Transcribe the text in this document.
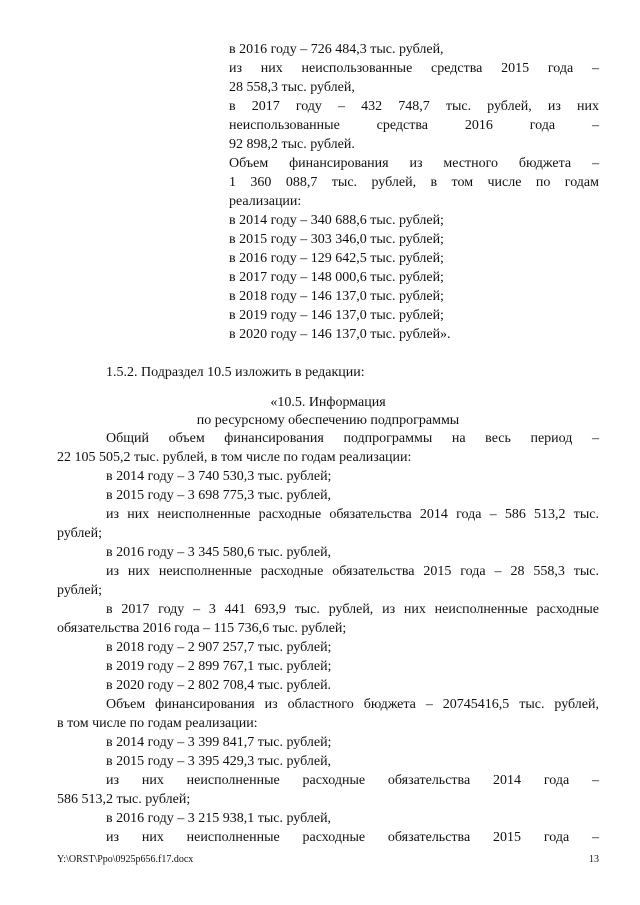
в 2016 году – 726 484,3 тыс. рублей,
из них неиспользованные средства 2015 года –
28 558,3 тыс. рублей,
в 2017 году – 432 748,7 тыс. рублей, из них
неиспользованные средства 2016 года –
92 898,2 тыс. рублей.
Объем финансирования из местного бюджета –
1 360 088,7 тыс. рублей, в том числе по годам
реализации:
в 2014 году – 340 688,6 тыс. рублей;
в 2015 году – 303 346,0 тыс. рублей;
в 2016 году – 129 642,5 тыс. рублей;
в 2017 году – 148 000,6 тыс. рублей;
в 2018 году – 146 137,0 тыс. рублей;
в 2019 году – 146 137,0 тыс. рублей;
в 2020 году – 146 137,0 тыс. рублей».
1.5.2. Подраздел 10.5 изложить в редакции:
Общий объем финансирования подпрограммы на весь период –
22 105 505,2 тыс. рублей, в том числе по годам реализации:
в 2014 году – 3 740 530,3 тыс. рублей;
в 2015 году – 3 698 775,3 тыс. рублей,
из них неисполненные расходные обязательства 2014 года – 586 513,2 тыс.
рублей;
в 2016 году – 3 345 580,6 тыс. рублей,
из них неисполненные расходные обязательства 2015 года – 28 558,3 тыс.
рублей;
в 2017 году – 3 441 693,9 тыс. рублей, из них неисполненные расходные
обязательства 2016 года – 115 736,6 тыс. рублей;
в 2018 году – 2 907 257,7 тыс. рублей;
в 2019 году – 2 899 767,1 тыс. рублей;
в 2020 году – 2 802 708,4 тыс. рублей.
Объем финансирования из областного бюджета – 20745416,5 тыс. рублей,
в том числе по годам реализации:
в 2014 году – 3 399 841,7 тыс. рублей;
в 2015 году – 3 395 429,3 тыс. рублей,
из них неисполненные расходные обязательства 2014 года –
586 513,2 тыс. рублей;
в 2016 году – 3 215 938,1 тыс. рублей,
из них неисполненные расходные обязательства 2015 года –
«10.5. Информация
по ресурсному обеспечению подпрограммы
Y:\ORST\Ppo\0925p656.f17.docx	13
